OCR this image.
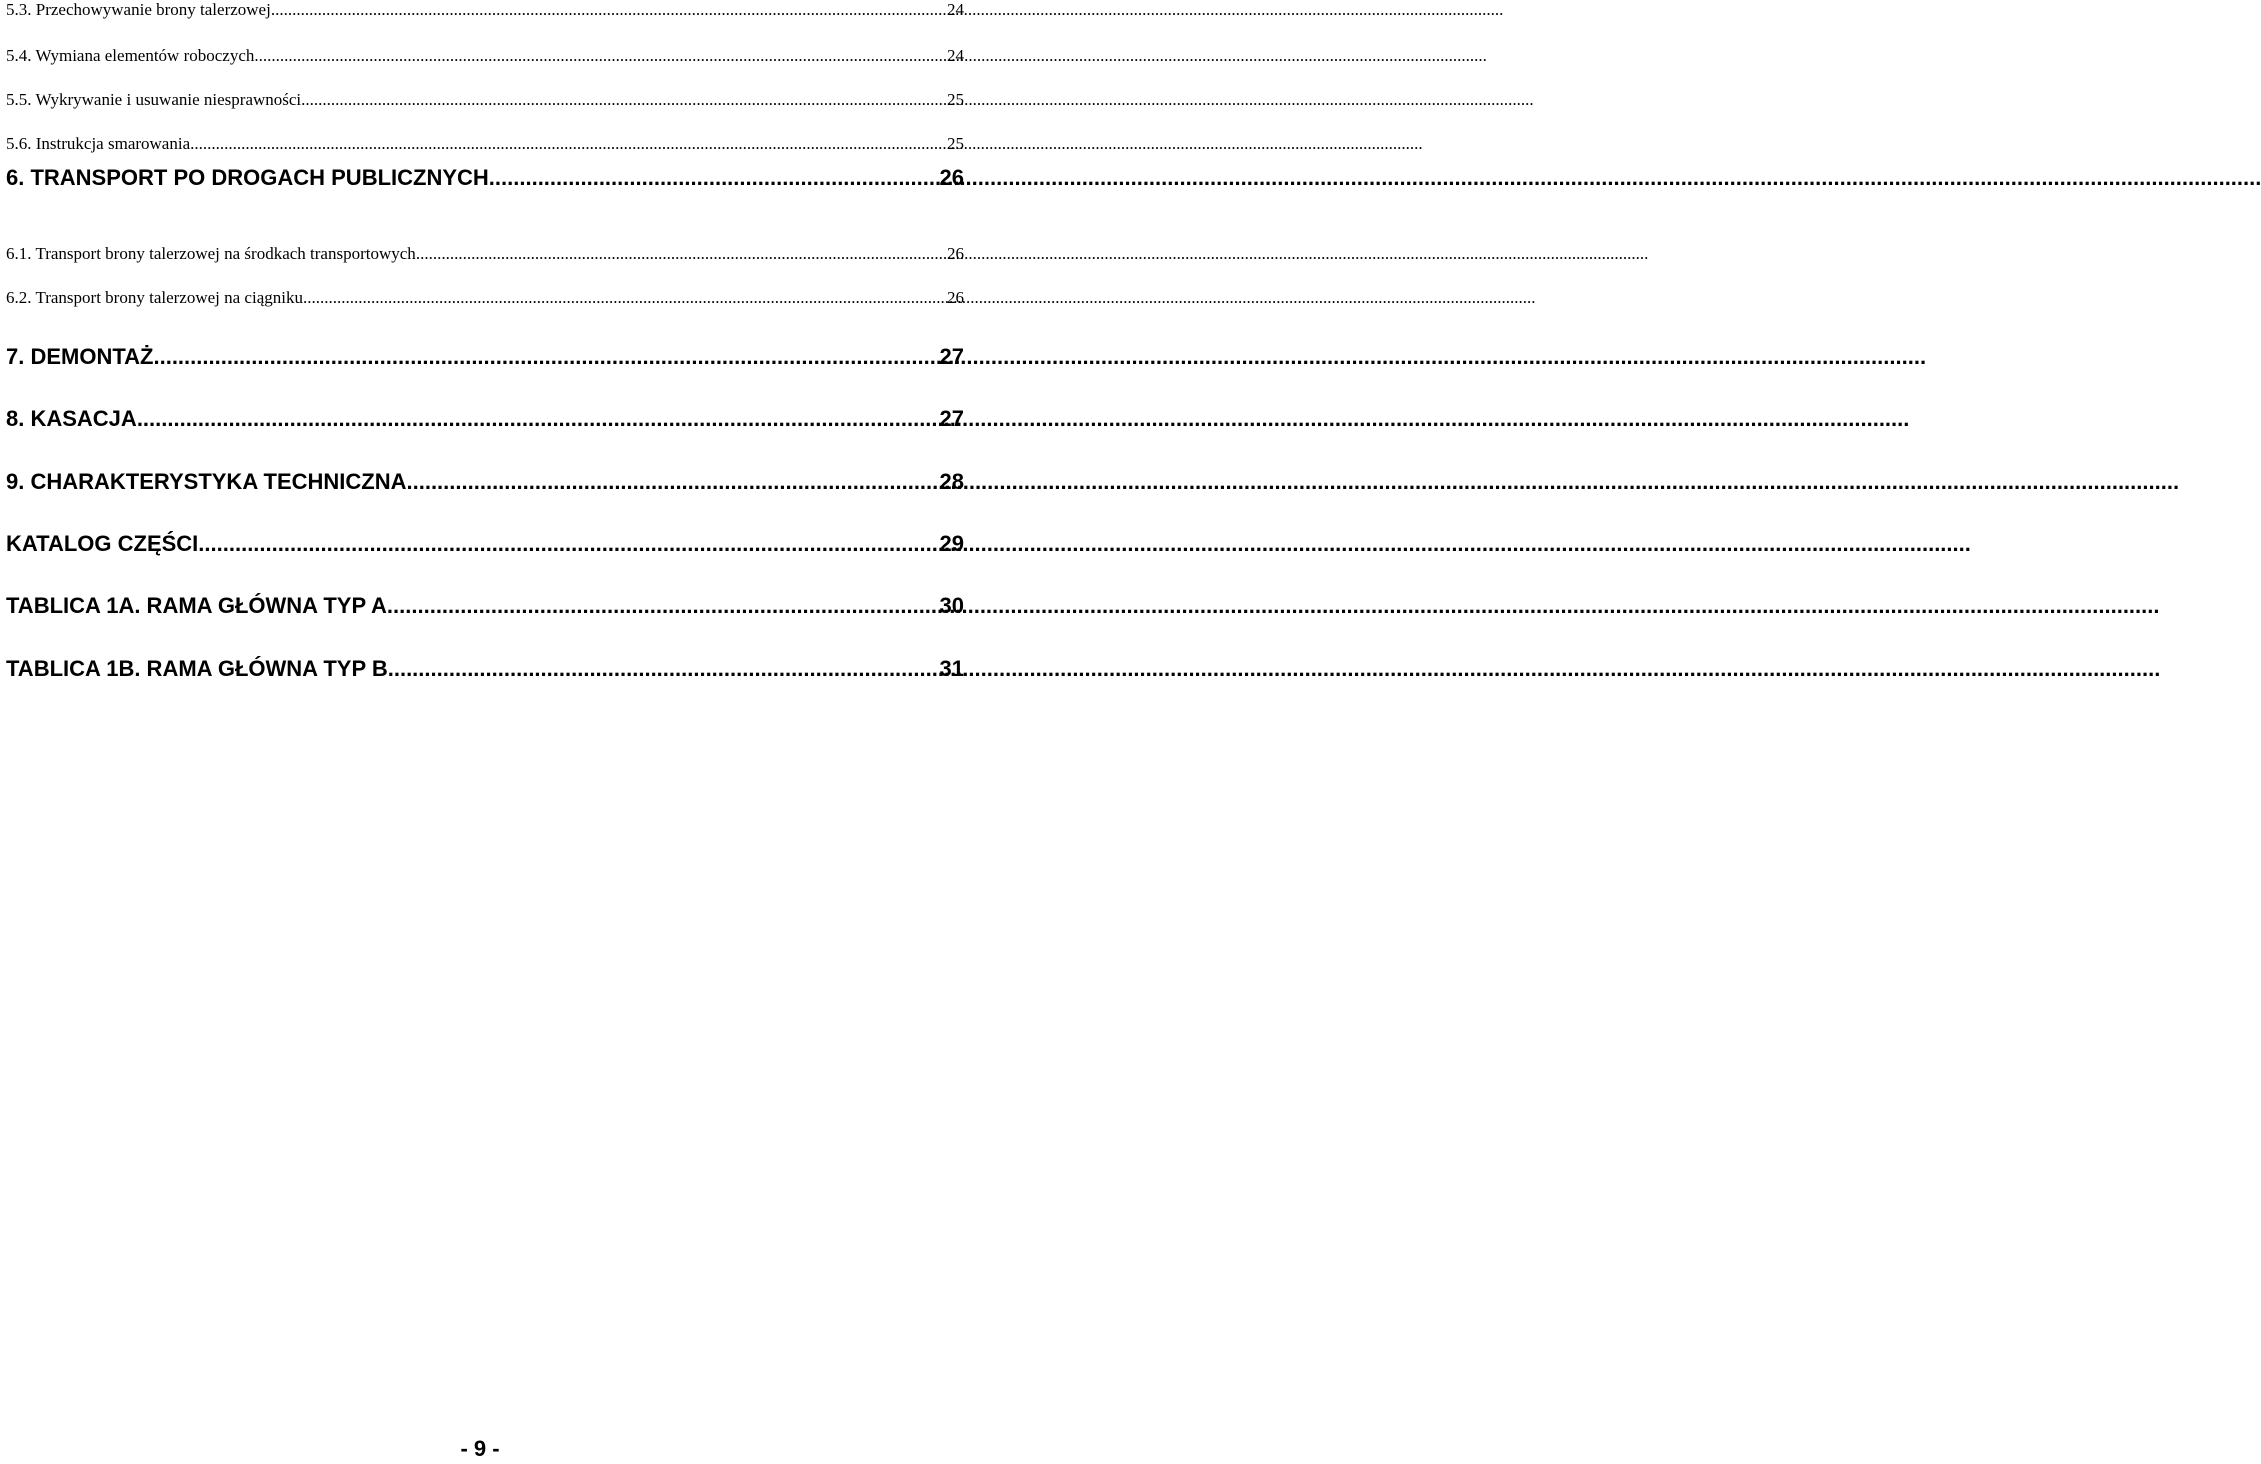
5.3. Przechowywanie brony talerzowej .....	24
5.4. Wymiana elementów roboczych .....	24
5.5. Wykrywanie i usuwanie niesprawności .....	25
5.6. Instrukcja smarowania .....	25
6. TRANSPORT PO DROGACH PUBLICZNYCH .....	26
6.1. Transport brony talerzowej na środkach transportowych .....	26
6.2. Transport brony talerzowej na ciągniku .....	26
7. DEMONTAŻ .....	27
8. KASACJA .....	27
9. CHARAKTERYSTYKA TECHNICZNA .....	28
KATALOG CZĘŚCI .....	29
TABLICA 1A. RAMA GŁÓWNA TYP A .....	30
TABLICA 1B. RAMA GŁÓWNA TYP B .....	31
- 9 -
